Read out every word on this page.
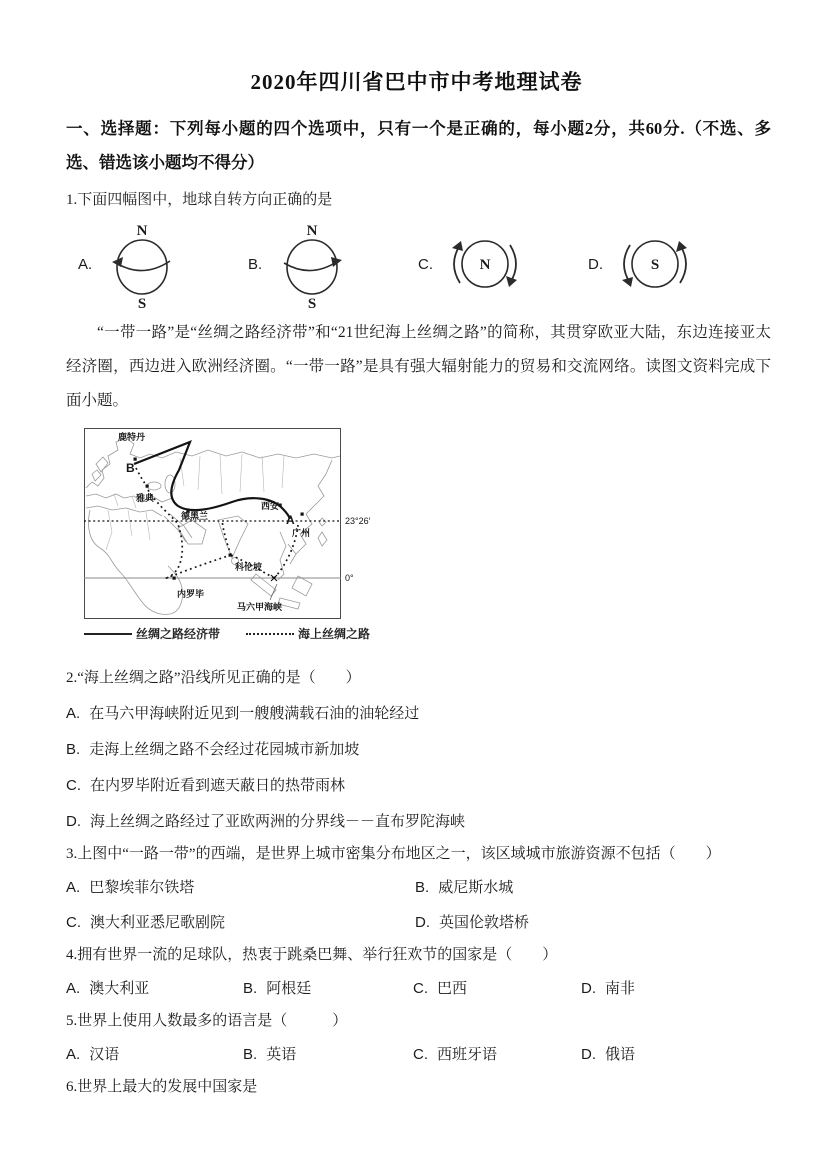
2020年四川省巴中市中考地理试卷

一、选择题：下列每小题的四个选项中，只有一个是正确的，每小题2分，共60分.（不选、多选、错选该小题均不得分）

1.下面四幅图中，地球自转方向正确的是

A.
N
S
B.
N
S
C.	N	D.	S

“一带一路”是“丝绸之路经济带”和“21世纪海上丝绸之路”的简称，其贯穿欧亚大陆，东边连接亚太经济圈，西边进入欧洲经济圈。“一带一路”是具有强大辐射能力的贸易和交流网络。读图文资料完成下面小题。

鹿特丹
B
雅典
德黑兰
西安
A
广州
科伦坡
内罗毕
马六甲海峡
23°26′
0°
丝绸之路经济带	海上丝绸之路

2.“海上丝绸之路”沿线所见正确的是（　　）

A. 在马六甲海峡附近见到一艘艘满载石油的油轮经过
B. 走海上丝绸之路不会经过花园城市新加坡
C. 在内罗毕附近看到遮天蔽日的热带雨林
D. 海上丝绸之路经过了亚欧两洲的分界线－－直布罗陀海峡

3.上图中“一路一带”的西端，是世界上城市密集分布地区之一，该区域城市旅游资源不包括（　　）

A. 巴黎埃菲尔铁塔	B. 威尼斯水城
C. 澳大利亚悉尼歌剧院	D. 英国伦敦塔桥

4.拥有世界一流的足球队，热衷于跳桑巴舞、举行狂欢节的国家是（　　）

A. 澳大利亚	B. 阿根廷	C. 巴西	D. 南非

5.世界上使用人数最多的语言是（　　　）

A. 汉语	B. 英语	C. 西班牙语	D. 俄语

6.世界上最大的发展中国家是
